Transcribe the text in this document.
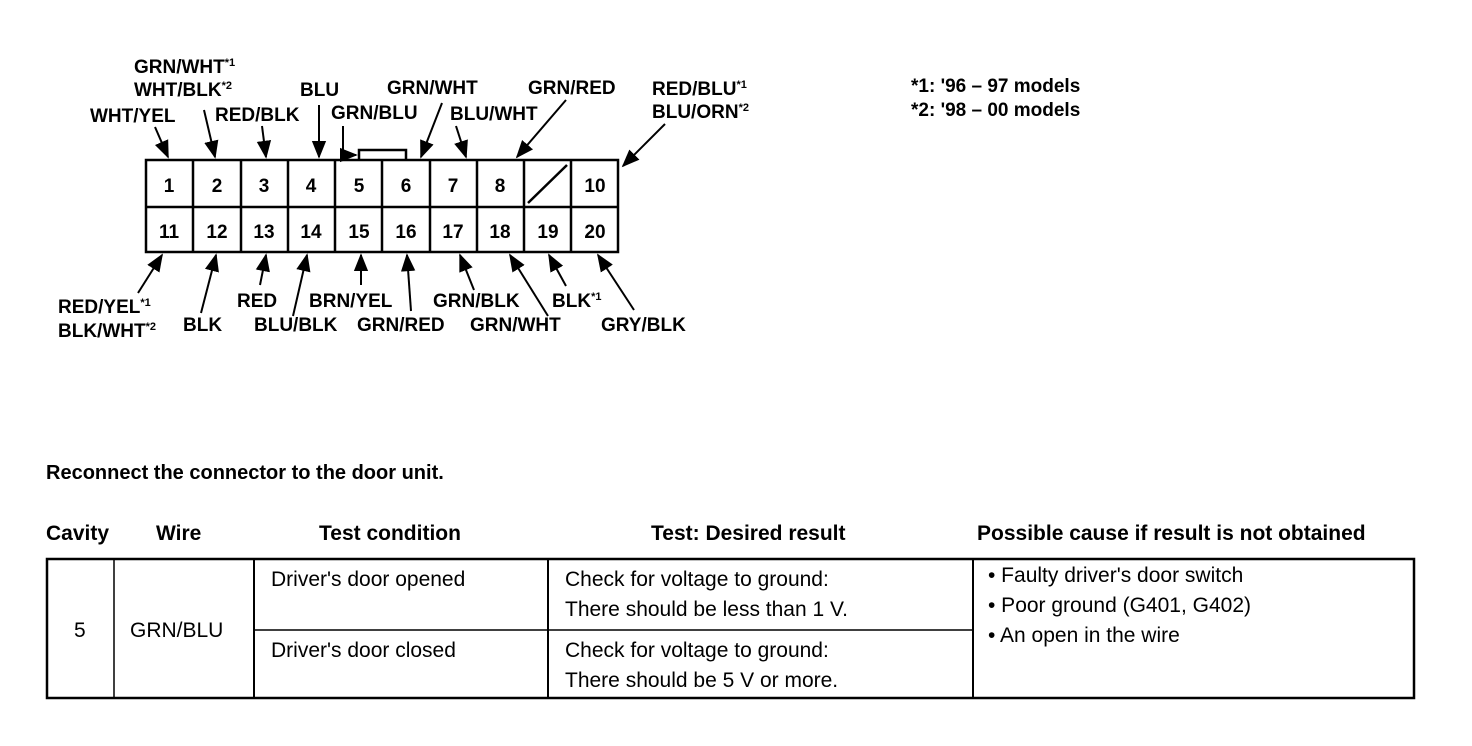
1 2 3 4 5 6 7 8	10
11 12 13 14 15 16 17 18 19 20
WHT/YEL
GRN/WHT$^{*1}$
WHT/BLK$^{*2}$
RED/BLK
BLU
GRN/BLU
GRN/WHT
BLU/WHT
GRN/RED RED/BLU$^{*1}$
BLU/ORN$^{*2}$
RED/YEL$^{*1}$
BLK/WHT$^{*2}$ BLK
RED
BLU/BLK
BRN/YEL
GRN/RED
GRN/BLK
GRN/WHT
BLK$^{*1}$
GRY/BLK
*1: '96 – 97 models
*2: '98 – 00 models
Reconnect the connector to the door unit.
Cavity Wire	Test condition	Test: Desired result	Possible cause if result is not obtained
5 GRN/BLU
Driver's door opened	Check for voltage to ground:
There should be less than 1 V.
Driver's door closed	Check for voltage to ground:
There should be 5 V or more.
• Faulty driver's door switch
• Poor ground (G401, G402)
• An open in the wire
